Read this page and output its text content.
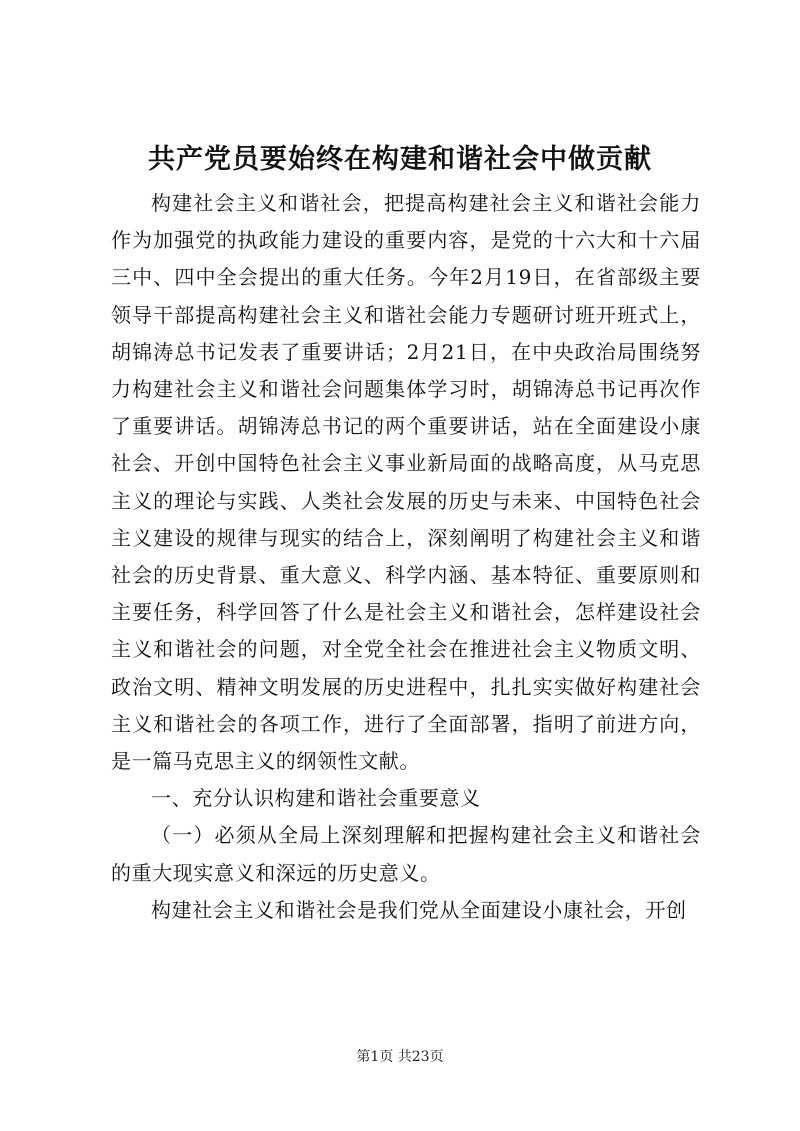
共产党员要始终在构建和谐社会中做贡献

构建社会主义和谐社会，把提高构建社会主义和谐社会能力作为加强党的执政能力建设的重要内容，是党的十六大和十六届三中、四中全会提出的重大任务。今年2月19日，在省部级主要领导干部提高构建社会主义和谐社会能力专题研讨班开班式上，胡锦涛总书记发表了重要讲话；2月21日，在中央政治局围绕努力构建社会主义和谐社会问题集体学习时，胡锦涛总书记再次作了重要讲话。胡锦涛总书记的两个重要讲话，站在全面建设小康社会、开创中国特色社会主义事业新局面的战略高度，从马克思主义的理论与实践、人类社会发展的历史与未来、中国特色社会主义建设的规律与现实的结合上，深刻阐明了构建社会主义和谐社会的历史背景、重大意义、科学内涵、基本特征、重要原则和主要任务，科学回答了什么是社会主义和谐社会，怎样建设社会主义和谐社会的问题，对全党全社会在推进社会主义物质文明、政治文明、精神文明发展的历史进程中，扎扎实实做好构建社会主义和谐社会的各项工作，进行了全面部署，指明了前进方向，是一篇马克思主义的纲领性文献。

一、充分认识构建和谐社会重要意义

（一）必须从全局上深刻理解和把握构建社会主义和谐社会的重大现实意义和深远的历史意义。

构建社会主义和谐社会是我们党从全面建设小康社会，开创

第1页 共23页
